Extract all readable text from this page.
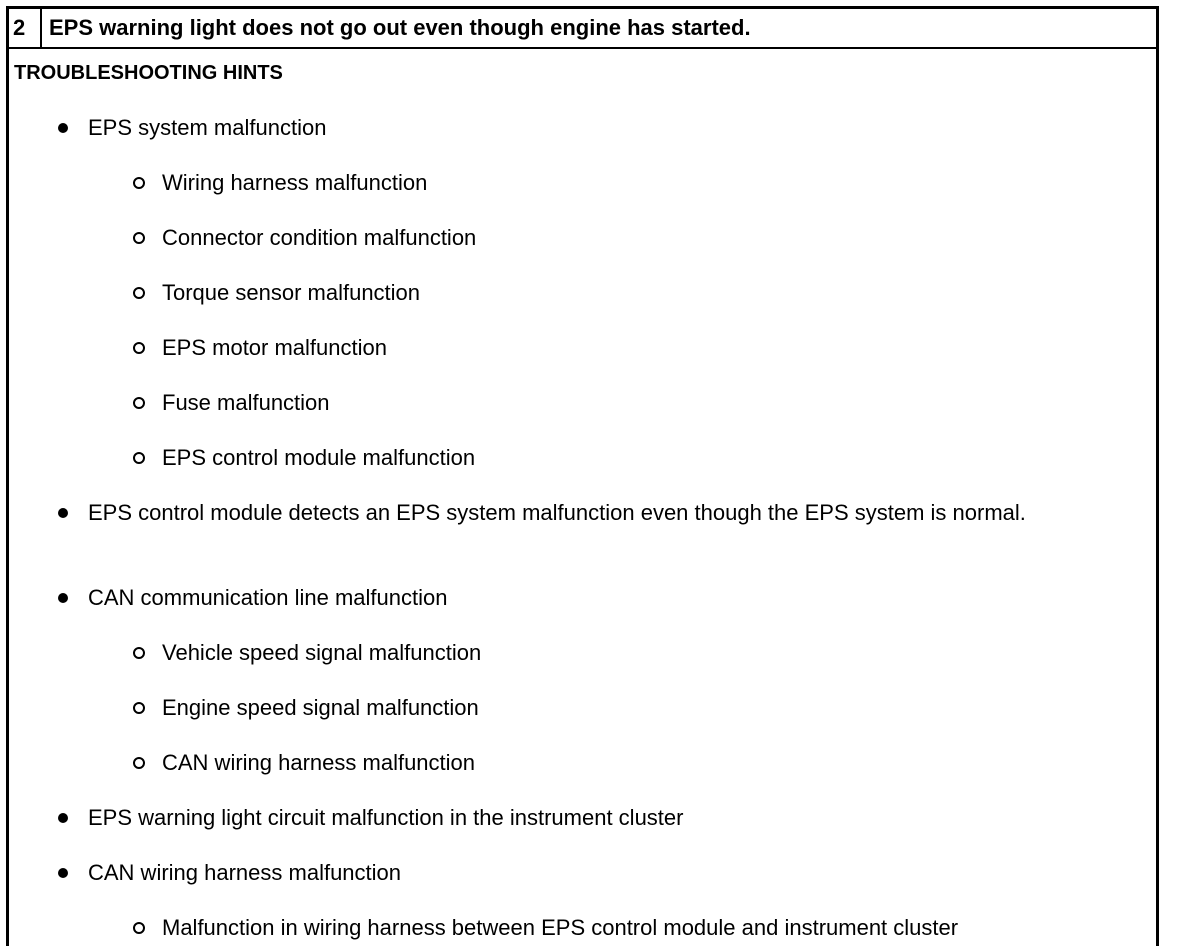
2	EPS warning light does not go out even though engine has started.
TROUBLESHOOTING HINTS
EPS system malfunction
Wiring harness malfunction
Connector condition malfunction
Torque sensor malfunction
EPS motor malfunction
Fuse malfunction
EPS control module malfunction
EPS control module detects an EPS system malfunction even though the EPS system is normal.
CAN communication line malfunction
Vehicle speed signal malfunction
Engine speed signal malfunction
CAN wiring harness malfunction
EPS warning light circuit malfunction in the instrument cluster
CAN wiring harness malfunction
Malfunction in wiring harness between EPS control module and instrument cluster
